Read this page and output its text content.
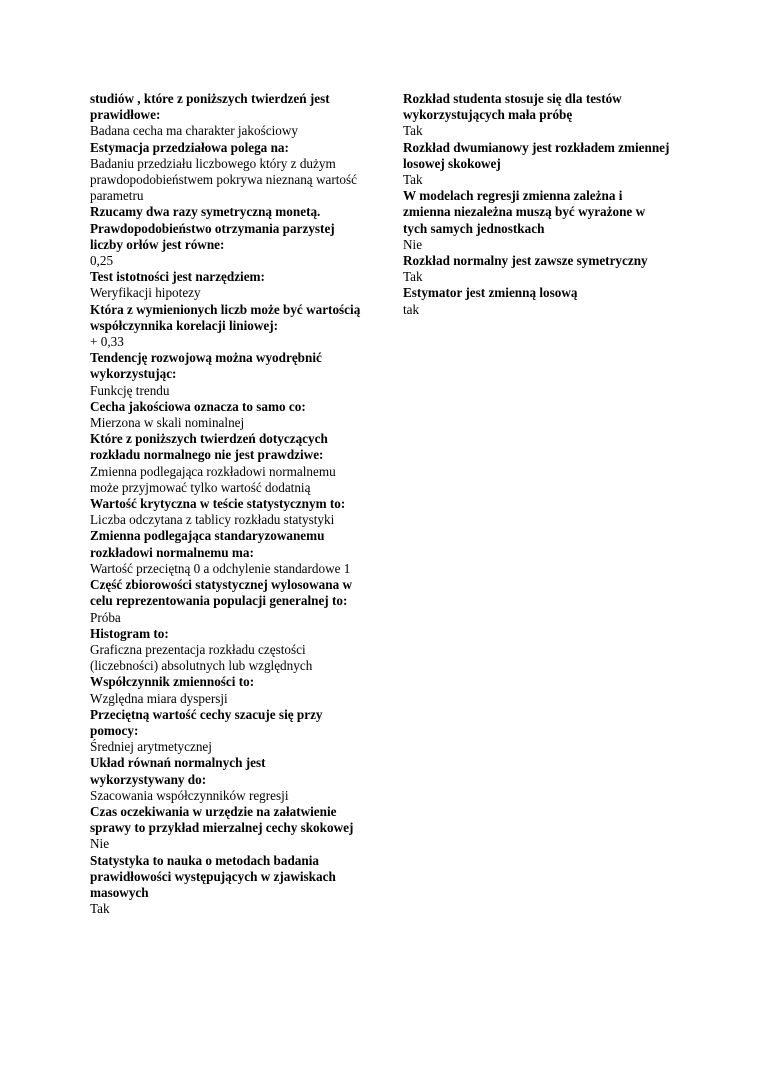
studiów , które z poniższych twierdzeń jest prawidłowe:
Badana cecha ma charakter jakościowy
Estymacja przedziałowa polega na:
Badaniu przedziału liczbowego który z dużym prawdopodobieństwem pokrywa nieznaną wartość parametru
Rzucamy dwa razy symetryczną monetą. Prawdopodobieństwo otrzymania parzystej liczby orłów jest równe:
0,25
Test istotności jest narzędziem:
Weryfikacji hipotezy
Która z wymienionych liczb może być wartością współczynnika korelacji liniowej:
+ 0,33
Tendencję rozwojową można wyodrębnić wykorzystując:
Funkcję trendu
Cecha jakościowa oznacza to samo co:
Mierzona w skali nominalnej
Które z poniższych twierdzeń dotyczących rozkładu normalnego nie jest prawdziwe:
Zmienna podlegająca rozkładowi normalnemu może przyjmować tylko wartość dodatnią
Wartość krytyczna w teście statystycznym to:
Liczba odczytana z tablicy rozkładu statystyki
Zmienna podlegająca standaryzowanemu rozkładowi normalnemu ma:
Wartość przeciętną 0 a odchylenie standardowe 1
Część zbiorowości statystycznej wylosowana w celu reprezentowania populacji generalnej to:
Próba
Histogram to:
Graficzna prezentacja rozkładu częstości (liczebności) absolutnych lub względnych
Współczynnik zmienności to:
Względna miara dyspersji
Przeciętną wartość cechy szacuje się przy pomocy:
Średniej arytmetycznej
Układ równań normalnych jest wykorzystywany do:
Szacowania współczynników regresji
Czas oczekiwania w urzędzie na załatwienie sprawy to przykład mierzalnej cechy skokowej
Nie
Statystyka to nauka o metodach badania prawidłowości występujących w zjawiskach masowych
Tak
Rozkład studenta stosuje się dla testów wykorzystujących mała próbę
Tak
Rozkład dwumianowy jest rozkładem zmiennej losowej skokowej
Tak
W modelach regresji zmienna zależna i zmienna niezależna muszą być wyrażone w tych samych jednostkach
Nie
Rozkład normalny jest zawsze symetryczny
Tak
Estymator jest zmienną losową
tak
